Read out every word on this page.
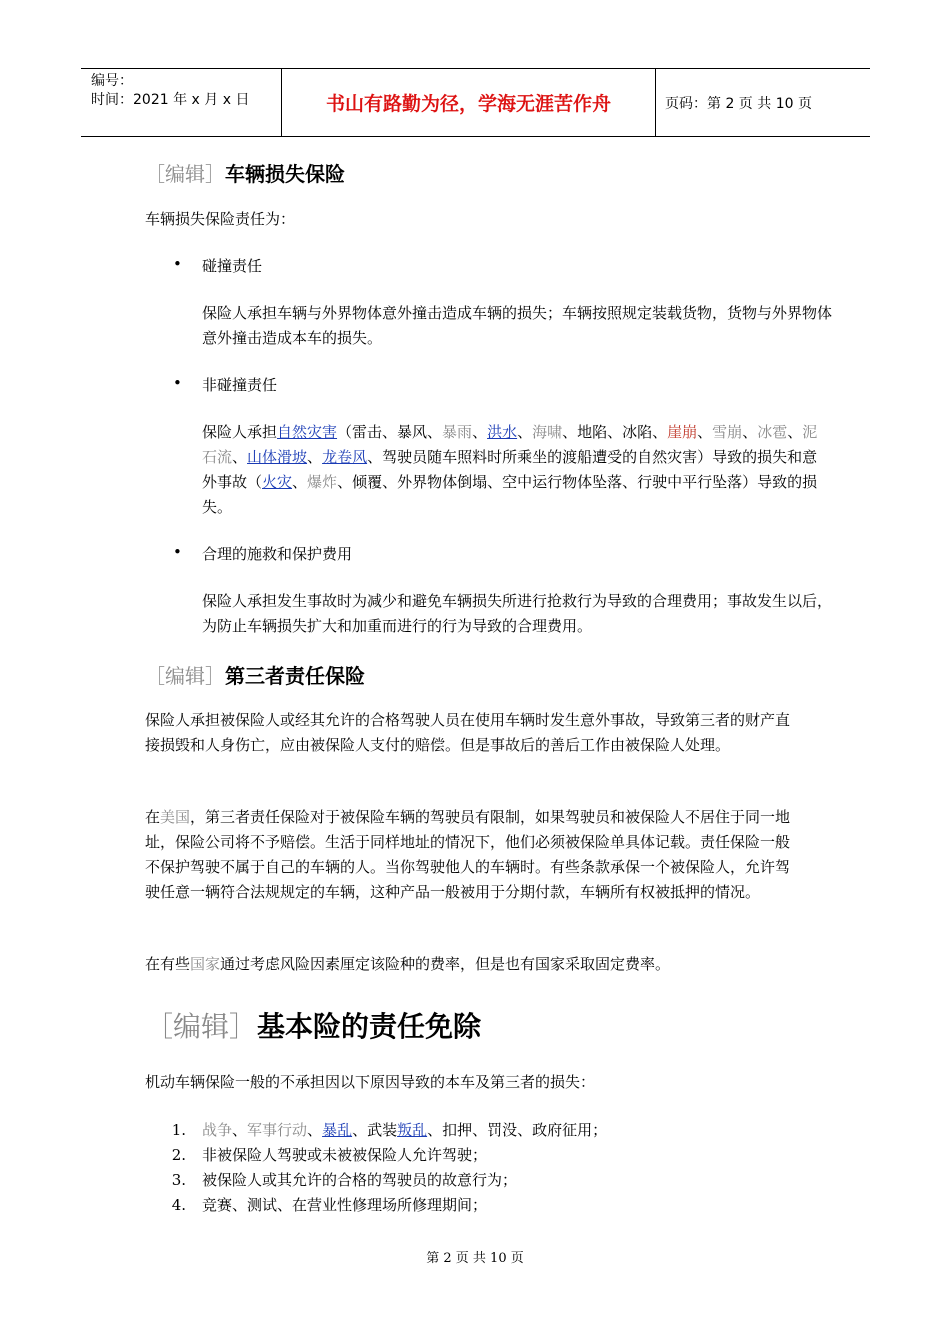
编号：
时间：2021 年 x 月 x 日	书山有路勤为径，学海无涯苦作舟	页码：第 2 页 共 10 页
［编辑］车辆损失保险
车辆损失保险责任为：
• 碰撞责任
保险人承担车辆与外界物体意外撞击造成车辆的损失；车辆按照规定装载货物，货物与外界物体意外撞击造成本车的损失。
• 非碰撞责任
保险人承担自然灾害（雷击、暴风、暴雨、洪水、海啸、地陷、冰陷、崖崩、雪崩、冰雹、泥石流、山体滑坡、龙卷风、驾驶员随车照料时所乘坐的渡船遭受的自然灾害）导致的损失和意外事故（火灾、爆炸、倾覆、外界物体倒塌、空中运行物体坠落、行驶中平行坠落）导致的损失。
• 合理的施救和保护费用
保险人承担发生事故时为减少和避免车辆损失所进行抢救行为导致的合理费用；事故发生以后，为防止车辆损失扩大和加重而进行的行为导致的合理费用。
［编辑］第三者责任保险
保险人承担被保险人或经其允许的合格驾驶人员在使用车辆时发生意外事故，导致第三者的财产直接损毁和人身伤亡，应由被保险人支付的赔偿。但是事故后的善后工作由被保险人处理。
在美国，第三者责任保险对于被保险车辆的驾驶员有限制，如果驾驶员和被保险人不居住于同一地址，保险公司将不予赔偿。生活于同样地址的情况下，他们必须被保险单具体记载。责任保险一般不保护驾驶不属于自己的车辆的人。当你驾驶他人的车辆时。有些条款承保一个被保险人，允许驾驶任意一辆符合法规规定的车辆，这种产品一般被用于分期付款，车辆所有权被抵押的情况。
在有些国家通过考虑风险因素厘定该险种的费率，但是也有国家采取固定费率。
［编辑］基本险的责任免除
机动车辆保险一般的不承担因以下原因导致的本车及第三者的损失：
1. 战争、军事行动、暴乱、武装叛乱、扣押、罚没、政府征用；
2. 非被保险人驾驶或未被被保险人允许驾驶；
3. 被保险人或其允许的合格的驾驶员的故意行为；
4. 竞赛、测试、在营业性修理场所修理期间；
第 2 页 共 10 页
